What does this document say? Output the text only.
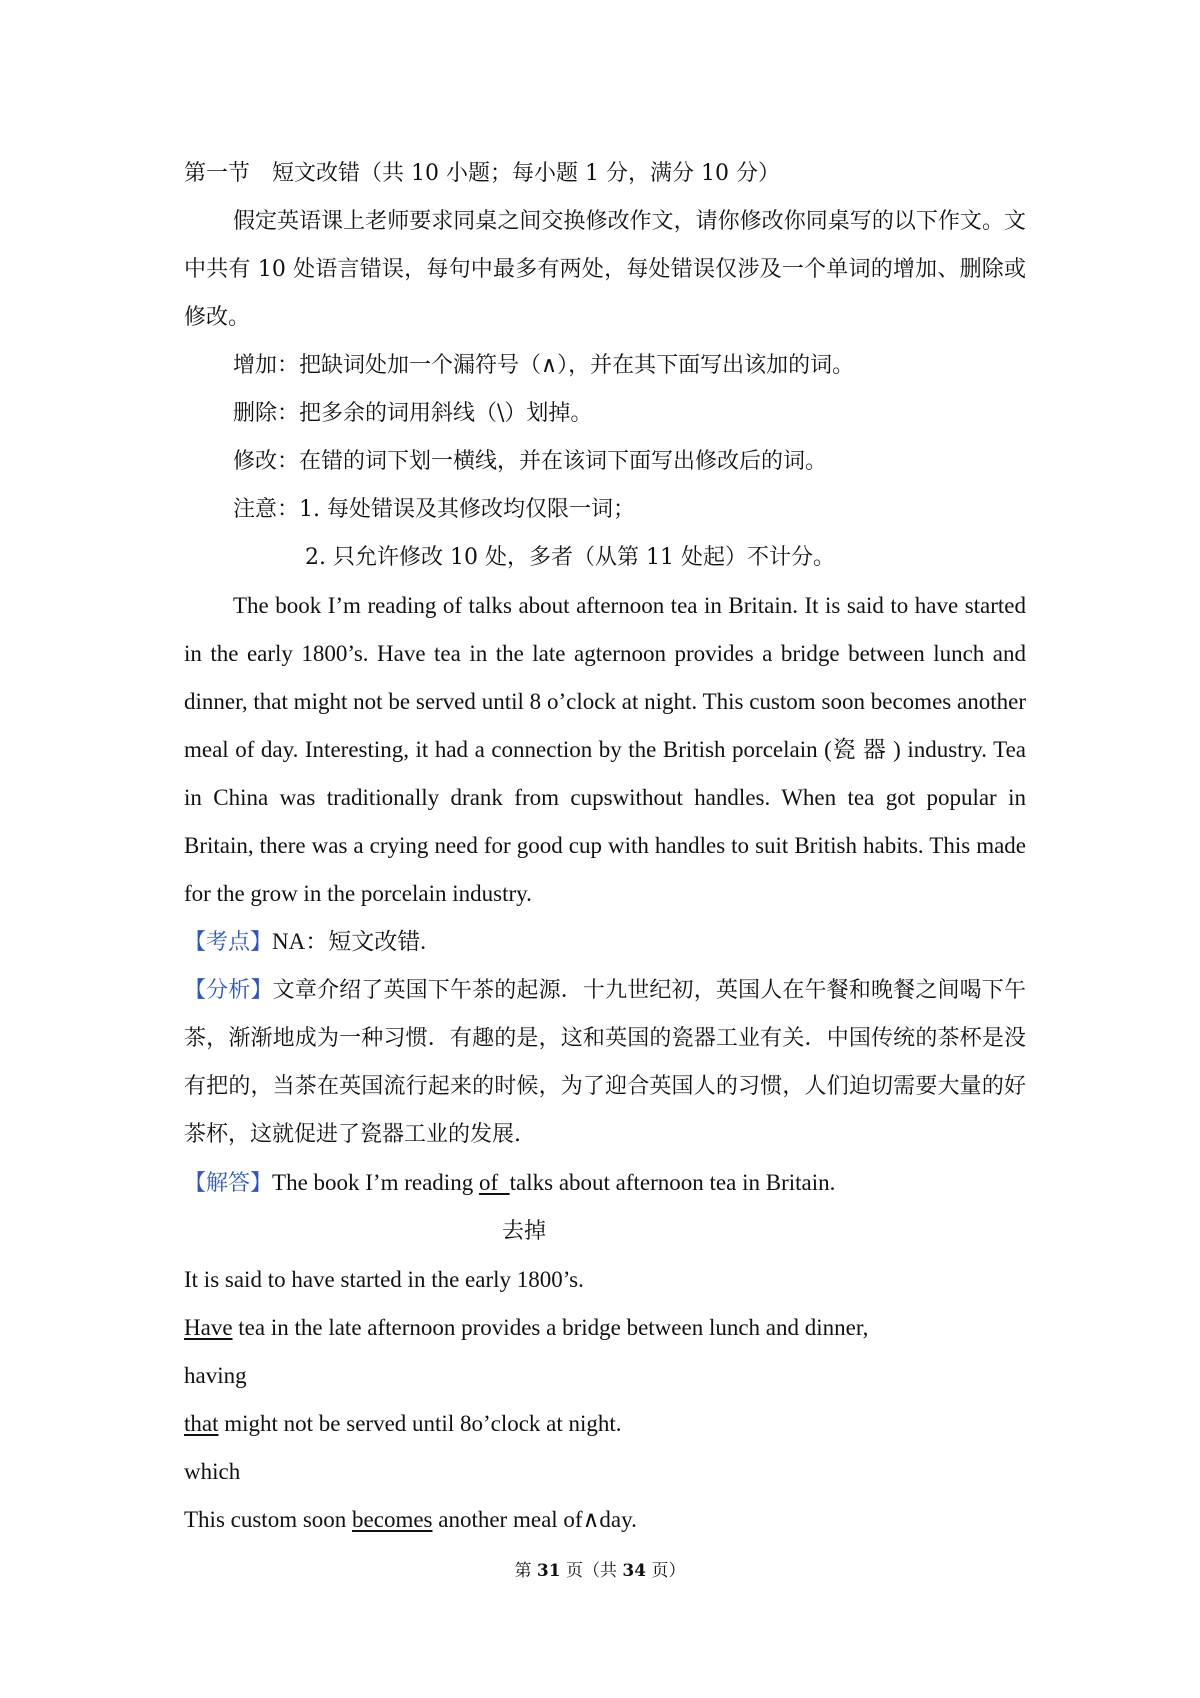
第一节　短文改错（共 10 小题；每小题 1 分，满分 10 分）

假定英语课上老师要求同桌之间交换修改作文，请你修改你同桌写的以下作文。文中共有 10 处语言错误，每句中最多有两处，每处错误仅涉及一个单词的增加、删除或修改。

增加：把缺词处加一个漏符号（∧），并在其下面写出该加的词。

删除：把多余的词用斜线（\）划掉。

修改：在错的词下划一横线，并在该词下面写出修改后的词。

注意：1. 每处错误及其修改均仅限一词；

2. 只允许修改 10 处，多者（从第 11 处起）不计分。

The book I’m reading of talks about afternoon tea in Britain. It is said to have started in the early 1800’s. Have tea in the late agternoon provides a bridge between lunch and dinner, that might not be served until 8 o’clock at night. This custom soon becomes another meal of day. Interesting, it had a connection by the British porcelain (瓷 器 ) industry. Tea in China was traditionally drank from cupswithout handles. When tea got popular in Britain, there was a crying need for good cup with handles to suit British habits. This made for the grow in the porcelain industry.

【考点】NA：短文改错.

【分析】文章介绍了英国下午茶的起源．十九世纪初，英国人在午餐和晚餐之间喝下午茶，渐渐地成为一种习惯．有趣的是，这和英国的瓷器工业有关．中国传统的茶杯是没有把的，当茶在英国流行起来的时候，为了迎合英国人的习惯，人们迫切需要大量的好茶杯，这就促进了瓷器工业的发展.

【解答】The book I’m reading of  talks about afternoon tea in Britain.

去掉

It is said to have started in the early 1800’s.

Have tea in the late afternoon provides a bridge between lunch and dinner,

having

that might not be served until 8o’clock at night.

which

This custom soon becomes another meal of∧day.

第 31 页（共 34 页）
